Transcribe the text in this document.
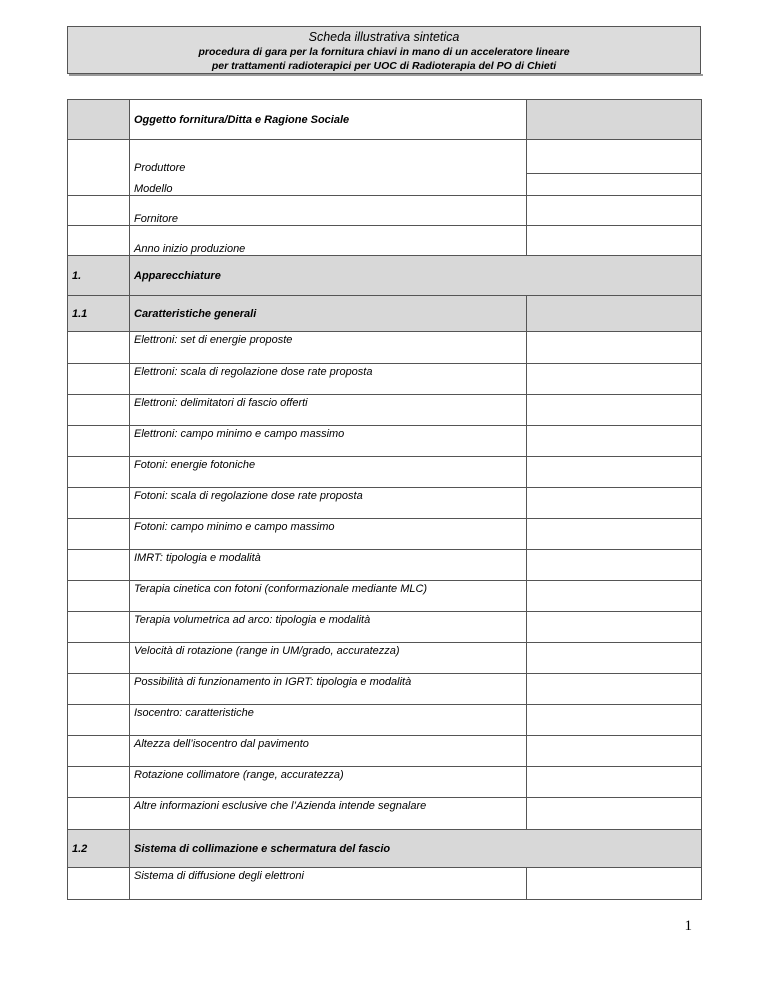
Scheda illustrativa sintetica
procedura di gara per la fornitura chiavi in mano di un acceleratore lineare
per trattamenti radioterapici per UOC di Radioterapia del PO di Chieti
	Oggetto fornitura/Ditta e Ragione Sociale	
	Produttore	
	Modello	
	Fornitore	
	Anno inizio produzione	
1.	Apparecchiature	
1.1	Caratteristiche generali	
	Elettroni: set di energie proposte	
	Elettroni: scala di regolazione dose rate proposta	
	Elettroni: delimitatori di fascio offerti	
	Elettroni: campo minimo e campo massimo	
	Fotoni: energie fotoniche	
	Fotoni: scala di regolazione dose rate proposta	
	Fotoni: campo minimo e campo massimo	
	IMRT: tipologia e modalità	
	Terapia cinetica con fotoni (conformazionale mediante MLC)	
	Terapia volumetrica ad arco: tipologia e modalità	
	Velocità di rotazione (range in UM/grado, accuratezza)	
	Possibilità di funzionamento in IGRT: tipologia e modalità	
	Isocentro: caratteristiche	
	Altezza dell’isocentro dal pavimento	
	Rotazione collimatore (range, accuratezza)	
	Altre informazioni esclusive che l’Azienda intende segnalare	
1.2	Sistema di collimazione e schermatura del fascio	
	Sistema di diffusione degli elettroni	
1
